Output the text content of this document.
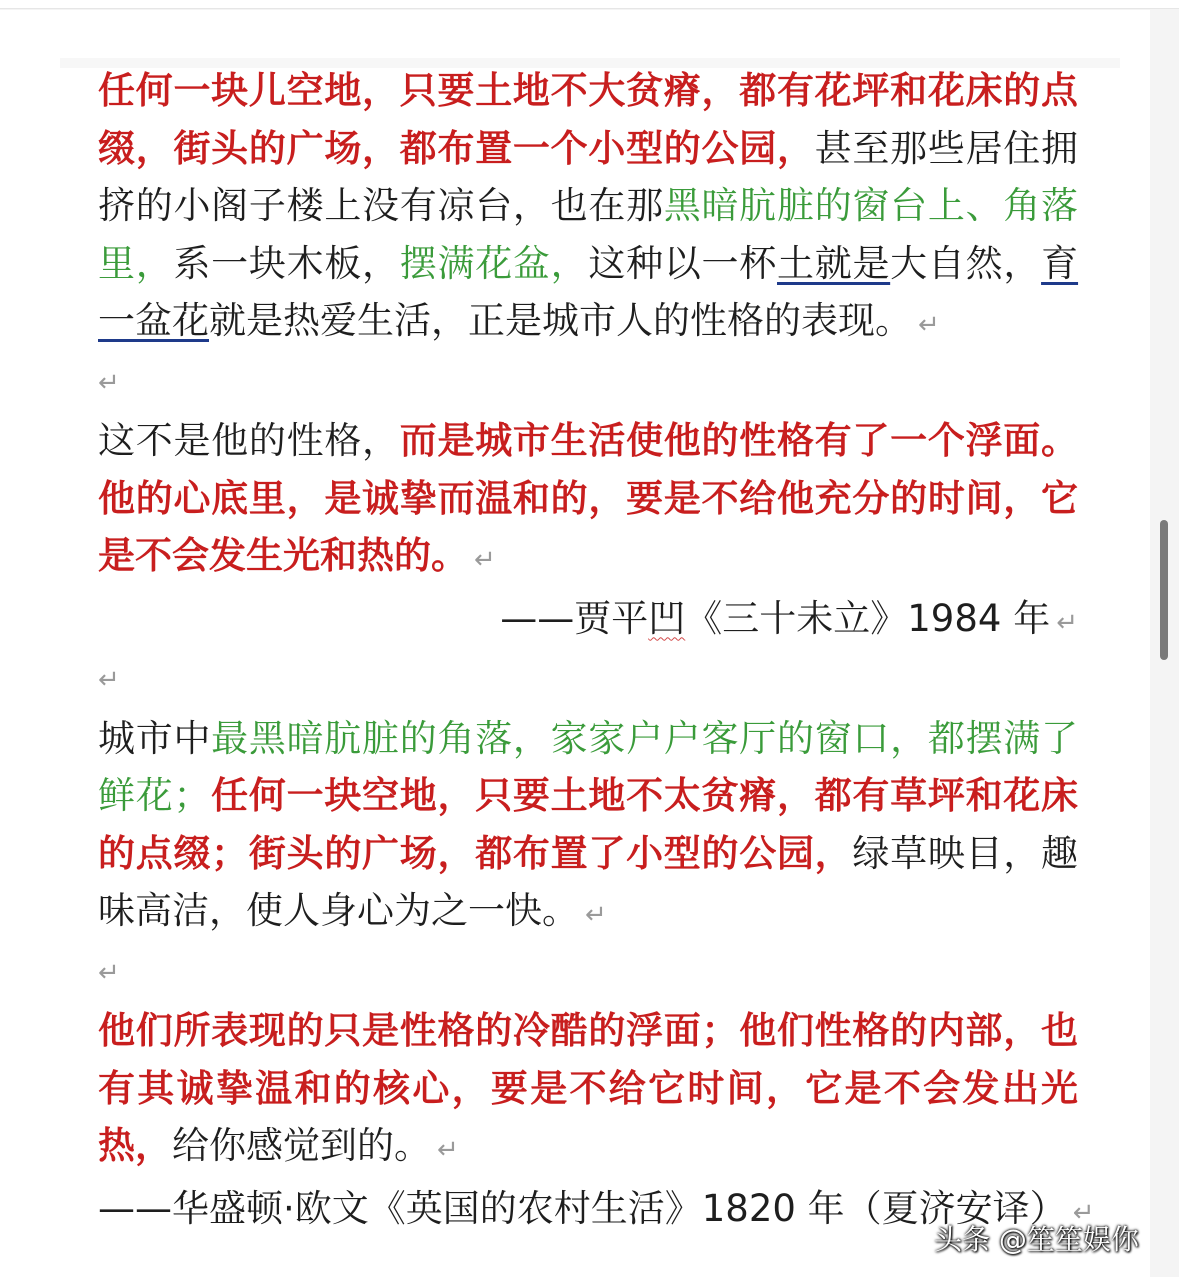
任何一块儿空地，只要土地不大贫瘠，都有花坪和花床的点缀，街头的广场，都布置一个小型的公园，甚至那些居住拥挤的小阁子楼上没有凉台，也在那黑暗肮脏的窗台上、角落里，系一块木板，摆满花盆，这种以一杯土就是大自然，育一盆花就是热爱生活，正是城市人的性格的表现。 ↵

↵

这不是他的性格，而是城市生活使他的性格有了一个浮面。他的心底里，是诚挚而温和的，要是不给他充分的时间，它是不会发生光和热的。 ↵

——贾平凹《三十未立》1984 年 ↵

↵

城市中最黑暗肮脏的角落，家家户户客厅的窗口，都摆满了鲜花；任何一块空地，只要土地不太贫瘠，都有草坪和花床的点缀；街头的广场，都布置了小型的公园，绿草映目，趣味高洁，使人身心为之一快。 ↵

↵

他们所表现的只是性格的冷酷的浮面；他们性格的内部，也有其诚挚温和的核心，要是不给它时间，它是不会发出光热，给你感觉到的。 ↵

——华盛顿·欧文《英国的农村生活》1820 年（夏济安译） ↵

头条 @笙笙娱你
